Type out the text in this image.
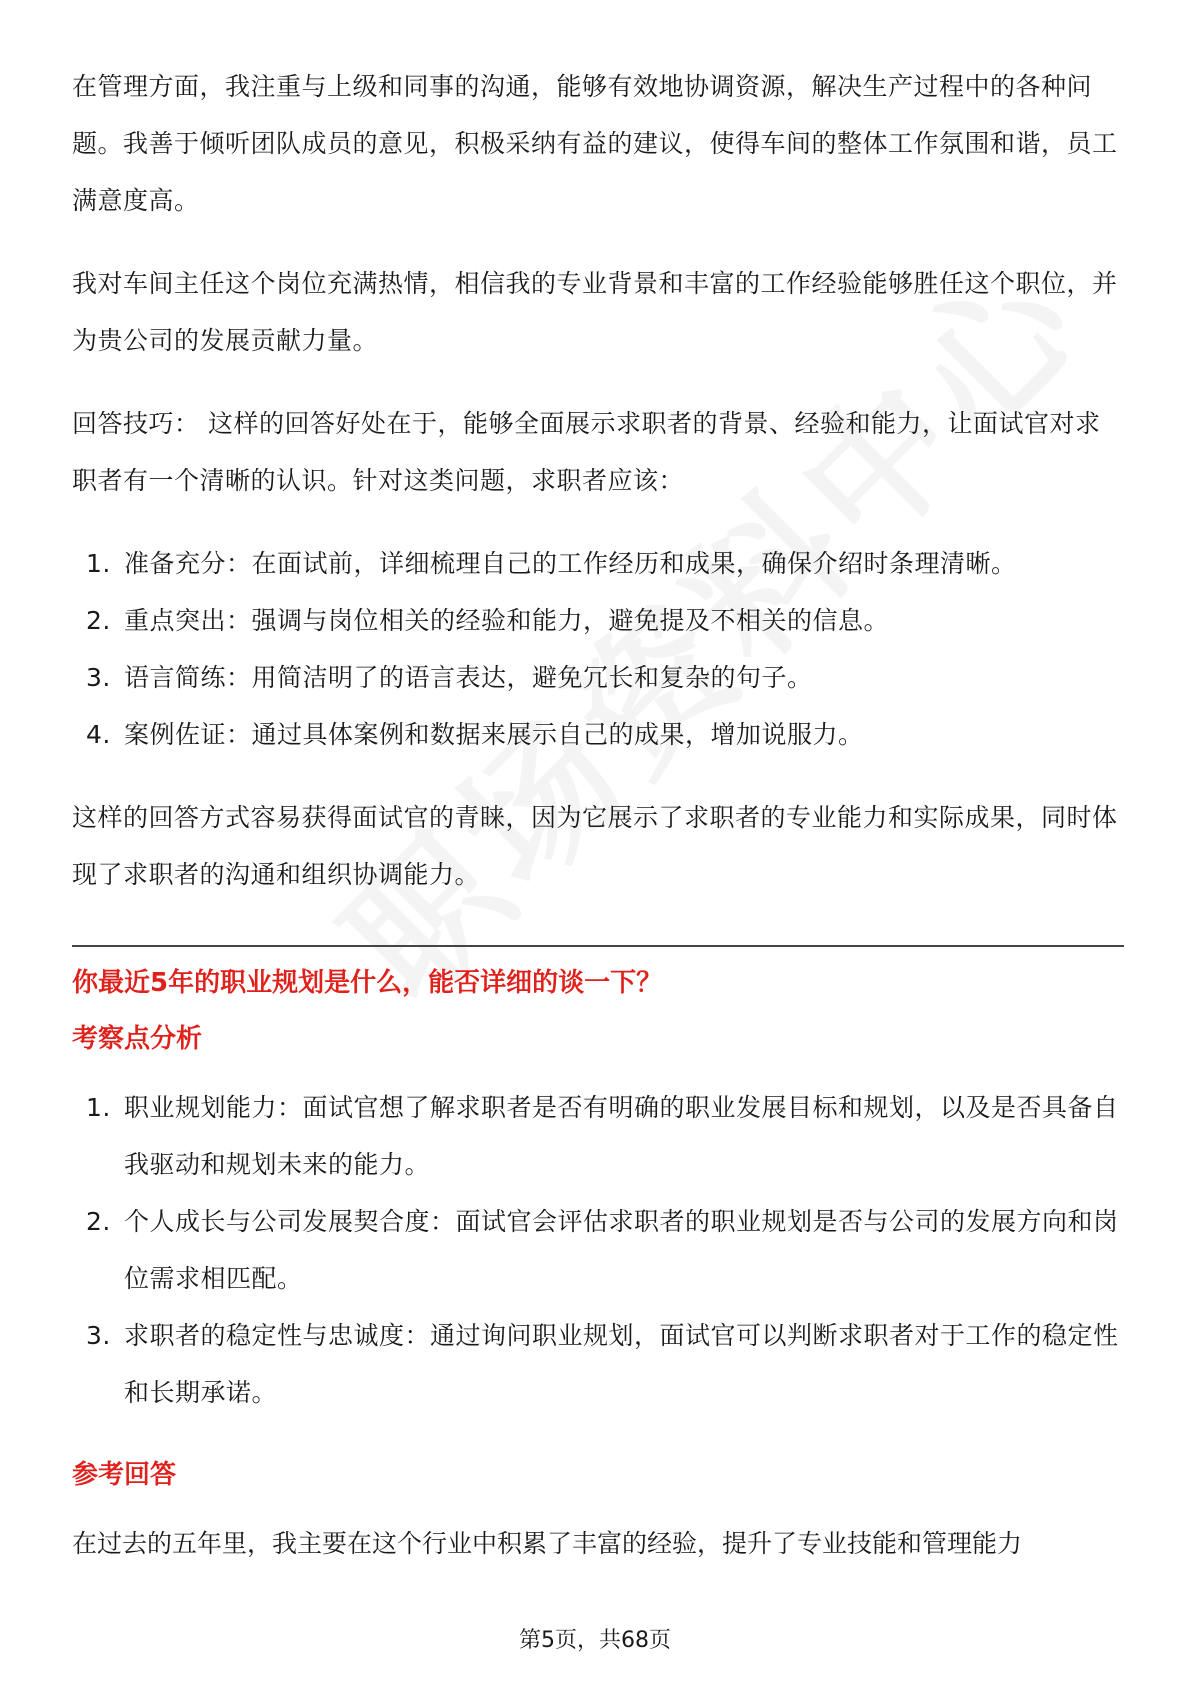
在管理方面，我注重与上级和同事的沟通，能够有效地协调资源，解决生产过程中的各种问题。我善于倾听团队成员的意见，积极采纳有益的建议，使得车间的整体工作氛围和谐，员工满意度高。

我对车间主任这个岗位充满热情，相信我的专业背景和丰富的工作经验能够胜任这个职位，并为贵公司的发展贡献力量。

回答技巧： 这样的回答好处在于，能够全面展示求职者的背景、经验和能力，让面试官对求职者有一个清晰的认识。针对这类问题，求职者应该：

1. 准备充分：在面试前，详细梳理自己的工作经历和成果，确保介绍时条理清晰。
2. 重点突出：强调与岗位相关的经验和能力，避免提及不相关的信息。
3. 语言简练：用简洁明了的语言表达，避免冗长和复杂的句子。
4. 案例佐证：通过具体案例和数据来展示自己的成果，增加说服力。

这样的回答方式容易获得面试官的青睐，因为它展示了求职者的专业能力和实际成果，同时体现了求职者的沟通和组织协调能力。

你最近5年的职业规划是什么，能否详细的谈一下？
考察点分析
1. 职业规划能力：面试官想了解求职者是否有明确的职业发展目标和规划，以及是否具备自我驱动和规划未来的能力。
2. 个人成长与公司发展契合度：面试官会评估求职者的职业规划是否与公司的发展方向和岗位需求相匹配。
3. 求职者的稳定性与忠诚度：通过询问职业规划，面试官可以判断求职者对于工作的稳定性和长期承诺。
参考回答
在过去的五年里，我主要在这个行业中积累了丰富的经验，提升了专业技能和管理能力
第5页，共68页
